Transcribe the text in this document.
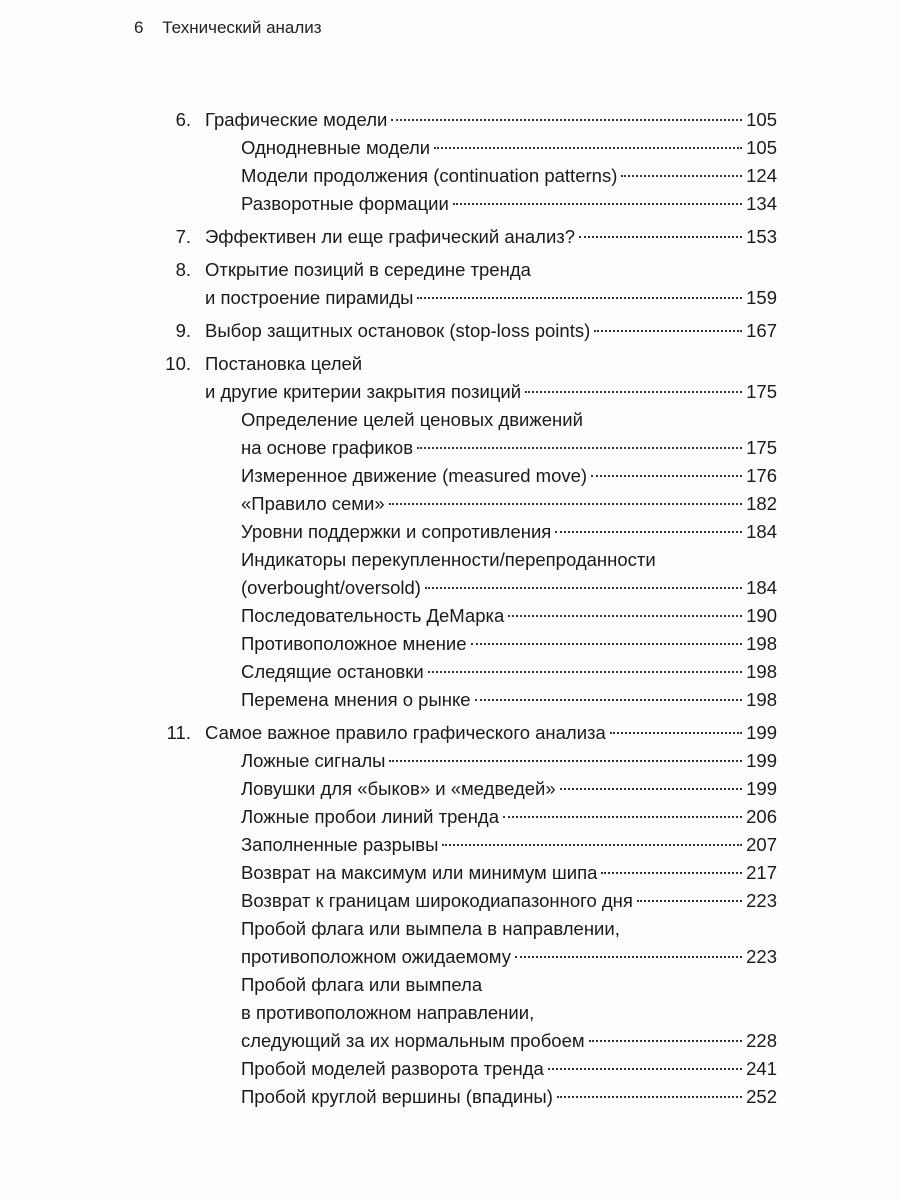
6 Технический анализ
6. Графические модели	105
Однодневные модели	105
Модели продолжения (continuation patterns)	124
Разворотные формации	134
7. Эффективен ли еще графический анализ?	153
8. Открытие позиций в середине тренда
и построение пирамиды	159
9. Выбор защитных остановок (stop-loss points)	167
10. Постановка целей
и другие критерии закрытия позиций	175
Определение целей ценовых движений
на основе графиков	175
Измеренное движение (measured move)	176
«Правило семи»	182
Уровни поддержки и сопротивления	184
Индикаторы перекупленности/перепроданности
(overbought/oversold)	184
Последовательность ДеМарка	190
Противоположное мнение	198
Следящие остановки	198
Перемена мнения о рынке	198
11. Самое важное правило графического анализа	199
Ложные сигналы	199
Ловушки для «быков» и «медведей»	199
Ложные пробои линий тренда	206
Заполненные разрывы	207
Возврат на максимум или минимум шипа	217
Возврат к границам широкодиапазонного дня	223
Пробой флага или вымпела в направлении,
противоположном ожидаемому	223
Пробой флага или вымпела
в противоположном направлении,
следующий за их нормальным пробоем	228
Пробой моделей разворота тренда	241
Пробой круглой вершины (впадины)	252
